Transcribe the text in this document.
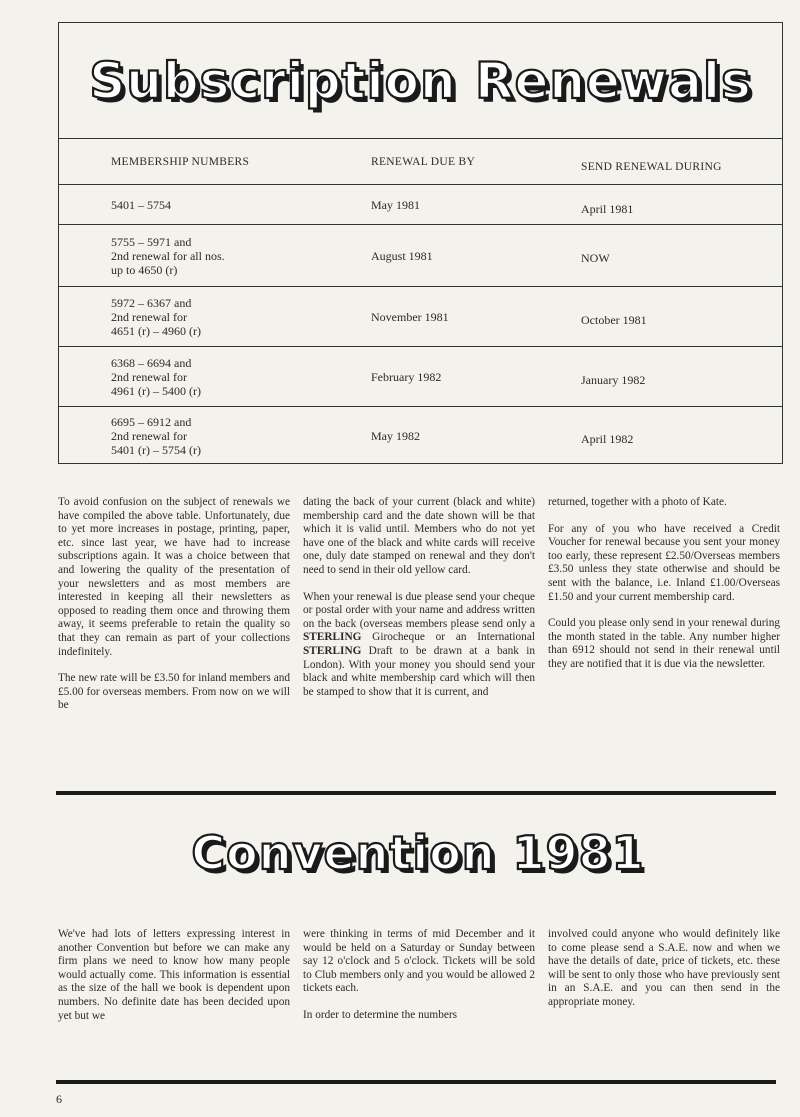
Subscription Renewals
MEMBERSHIP NUMBERS	RENEWAL DUE BY	SEND RENEWAL DURING
5401 – 5754	May 1981	April 1981
5755 – 5971 and
2nd renewal for all nos.
up to 4650 (r)
August 1981	NOW
5972 – 6367 and
2nd renewal for
4651 (r) – 4960 (r)
November 1981	October 1981
6368 – 6694 and
2nd renewal for
4961 (r) – 5400 (r)
February 1982	January 1982
6695 – 6912 and
2nd renewal for
5401 (r) – 5754 (r)
May 1982	April 1982

To avoid confusion on the subject of renewals we have compiled the above table. Unfortunately, due to yet more increases in postage, printing, paper, etc. since last year, we have had to increase subscriptions again. It was a choice between that and lowering the quality of the presentation of your newsletters and as most members are interested in keeping all their newsletters as opposed to reading them once and throwing them away, it seems preferable to retain the quality so that they can remain as part of your collections indefinitely.

The new rate will be £3.50 for inland members and £5.00 for overseas members. From now on we will be

dating the back of your current (black and white) membership card and the date shown will be that which it is valid until. Members who do not yet have one of the black and white cards will receive one, duly date stamped on renewal and they don't need to send in their old yellow card.

When your renewal is due please send your cheque or postal order with your name and address written on the back (overseas members please send only a STERLING Girocheque or an International STERLING Draft to be drawn at a bank in London). With your money you should send your black and white membership card which will then be stamped to show that it is current, and

returned, together with a photo of Kate.

For any of you who have received a Credit Voucher for renewal because you sent your money too early, these represent £2.50/Overseas members £3.50 unless they state otherwise and should be sent with the balance, i.e. Inland £1.00/Overseas £1.50 and your current membership card.

Could you please only send in your renewal during the month stated in the table. Any number higher than 6912 should not send in their renewal until they are notified that it is due via the newsletter.

Convention 1981

We've had lots of letters expressing interest in another Convention but before we can make any firm plans we need to know how many people would actually come. This information is essential as the size of the hall we book is dependent upon numbers. No definite date has been decided upon yet but we

were thinking in terms of mid December and it would be held on a Saturday or Sunday between say 12 o'clock and 5 o'clock. Tickets will be sold to Club members only and you would be allowed 2 tickets each.

In order to determine the numbers

involved could anyone who would definitely like to come please send a S.A.E. now and when we have the details of date, price of tickets, etc. these will be sent to only those who have previously sent in an S.A.E. and you can then send in the appropriate money.

6
